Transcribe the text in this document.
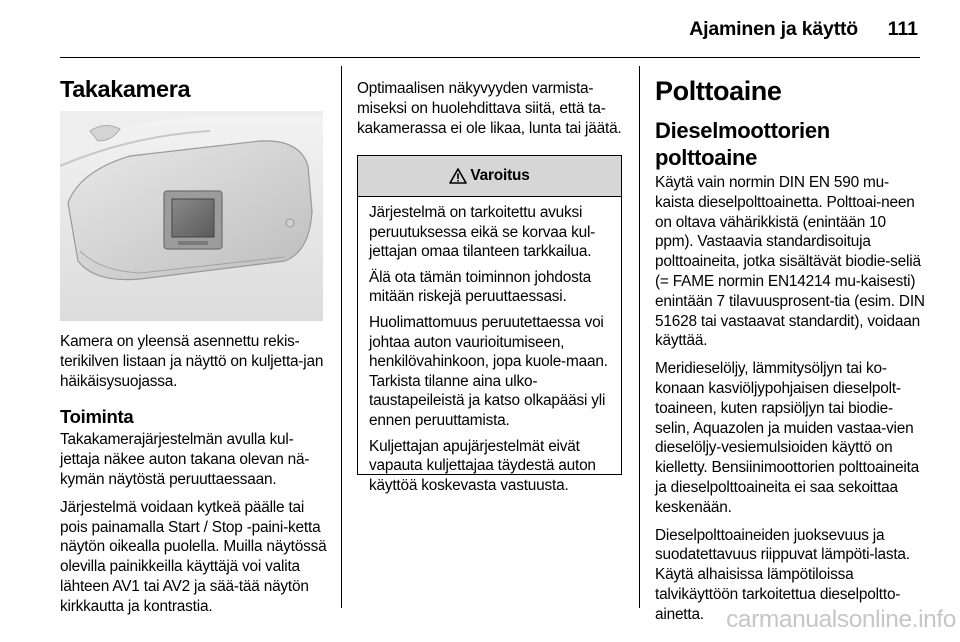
Ajaminen ja käyttö	111
Takakamera

Kamera on yleensä asennettu rekis-terikilven listaan ja näyttö on kuljetta-jan häikäisysuojassa.

Toiminta

Takakamerajärjestelmän avulla kul-jettaja näkee auton takana olevan nä-kymän näytöstä peruuttaessaan.

Järjestelmä voidaan kytkeä päälle tai pois painamalla Start / Stop -paini-ketta näytön oikealla puolella. Muilla näytössä olevilla painikkeilla käyttäjä voi valita lähteen AV1 tai AV2 ja sää-tää näytön kirkkautta ja kontrastia.

Optimaalisen näkyvyyden varmista-miseksi on huolehdittava siitä, että ta-kakamerassa ei ole likaa, lunta tai jäätä.

Varoitus

Järjestelmä on tarkoitettu avuksi peruutuksessa eikä se korvaa kul-jettajan omaa tilanteen tarkkailua.

Älä ota tämän toiminnon johdosta mitään riskejä peruuttaessasi.

Huolimattomuus peruutettaessa voi johtaa auton vaurioitumiseen, henkilövahinkoon, jopa kuole-maan. Tarkista tilanne aina ulko-taustapeileistä ja katso olkapääsi yli ennen peruuttamista.

Kuljettajan apujärjestelmät eivät vapauta kuljettajaa täydestä auton käyttöä koskevasta vastuusta.

Polttoaine
Dieselmoottorien polttoaine

Käytä vain normin DIN EN 590 mu-kaista dieselpolttoainetta. Polttoai-neen on oltava vähärikkistä (enintään 10 ppm). Vastaavia standardisoituja polttoaineita, jotka sisältävät biodie-seliä (= FAME normin EN14214 mu-kaisesti) enintään 7 tilavuusprosent-tia (esim. DIN 51628 tai vastaavat standardit), voidaan käyttää.

Meridieselöljy, lämmitysöljyn tai ko-konaan kasviöljypohjaisen dieselpolt-toaineen, kuten rapsiöljyn tai biodie-selin, Aquazolen ja muiden vastaa-vien dieselöljy-vesiemulsioiden käyttö on kielletty. Bensiinimoottorien polttoaineita ja dieselpolttoaineita ei saa sekoittaa keskenään.

Dieselpolttoaineiden juoksevuus ja suodatettavuus riippuvat lämpöti-lasta. Käytä alhaisissa lämpötiloissa talvikäyttöön tarkoitettua dieselpoltto-ainetta. carmanualsonline.info
